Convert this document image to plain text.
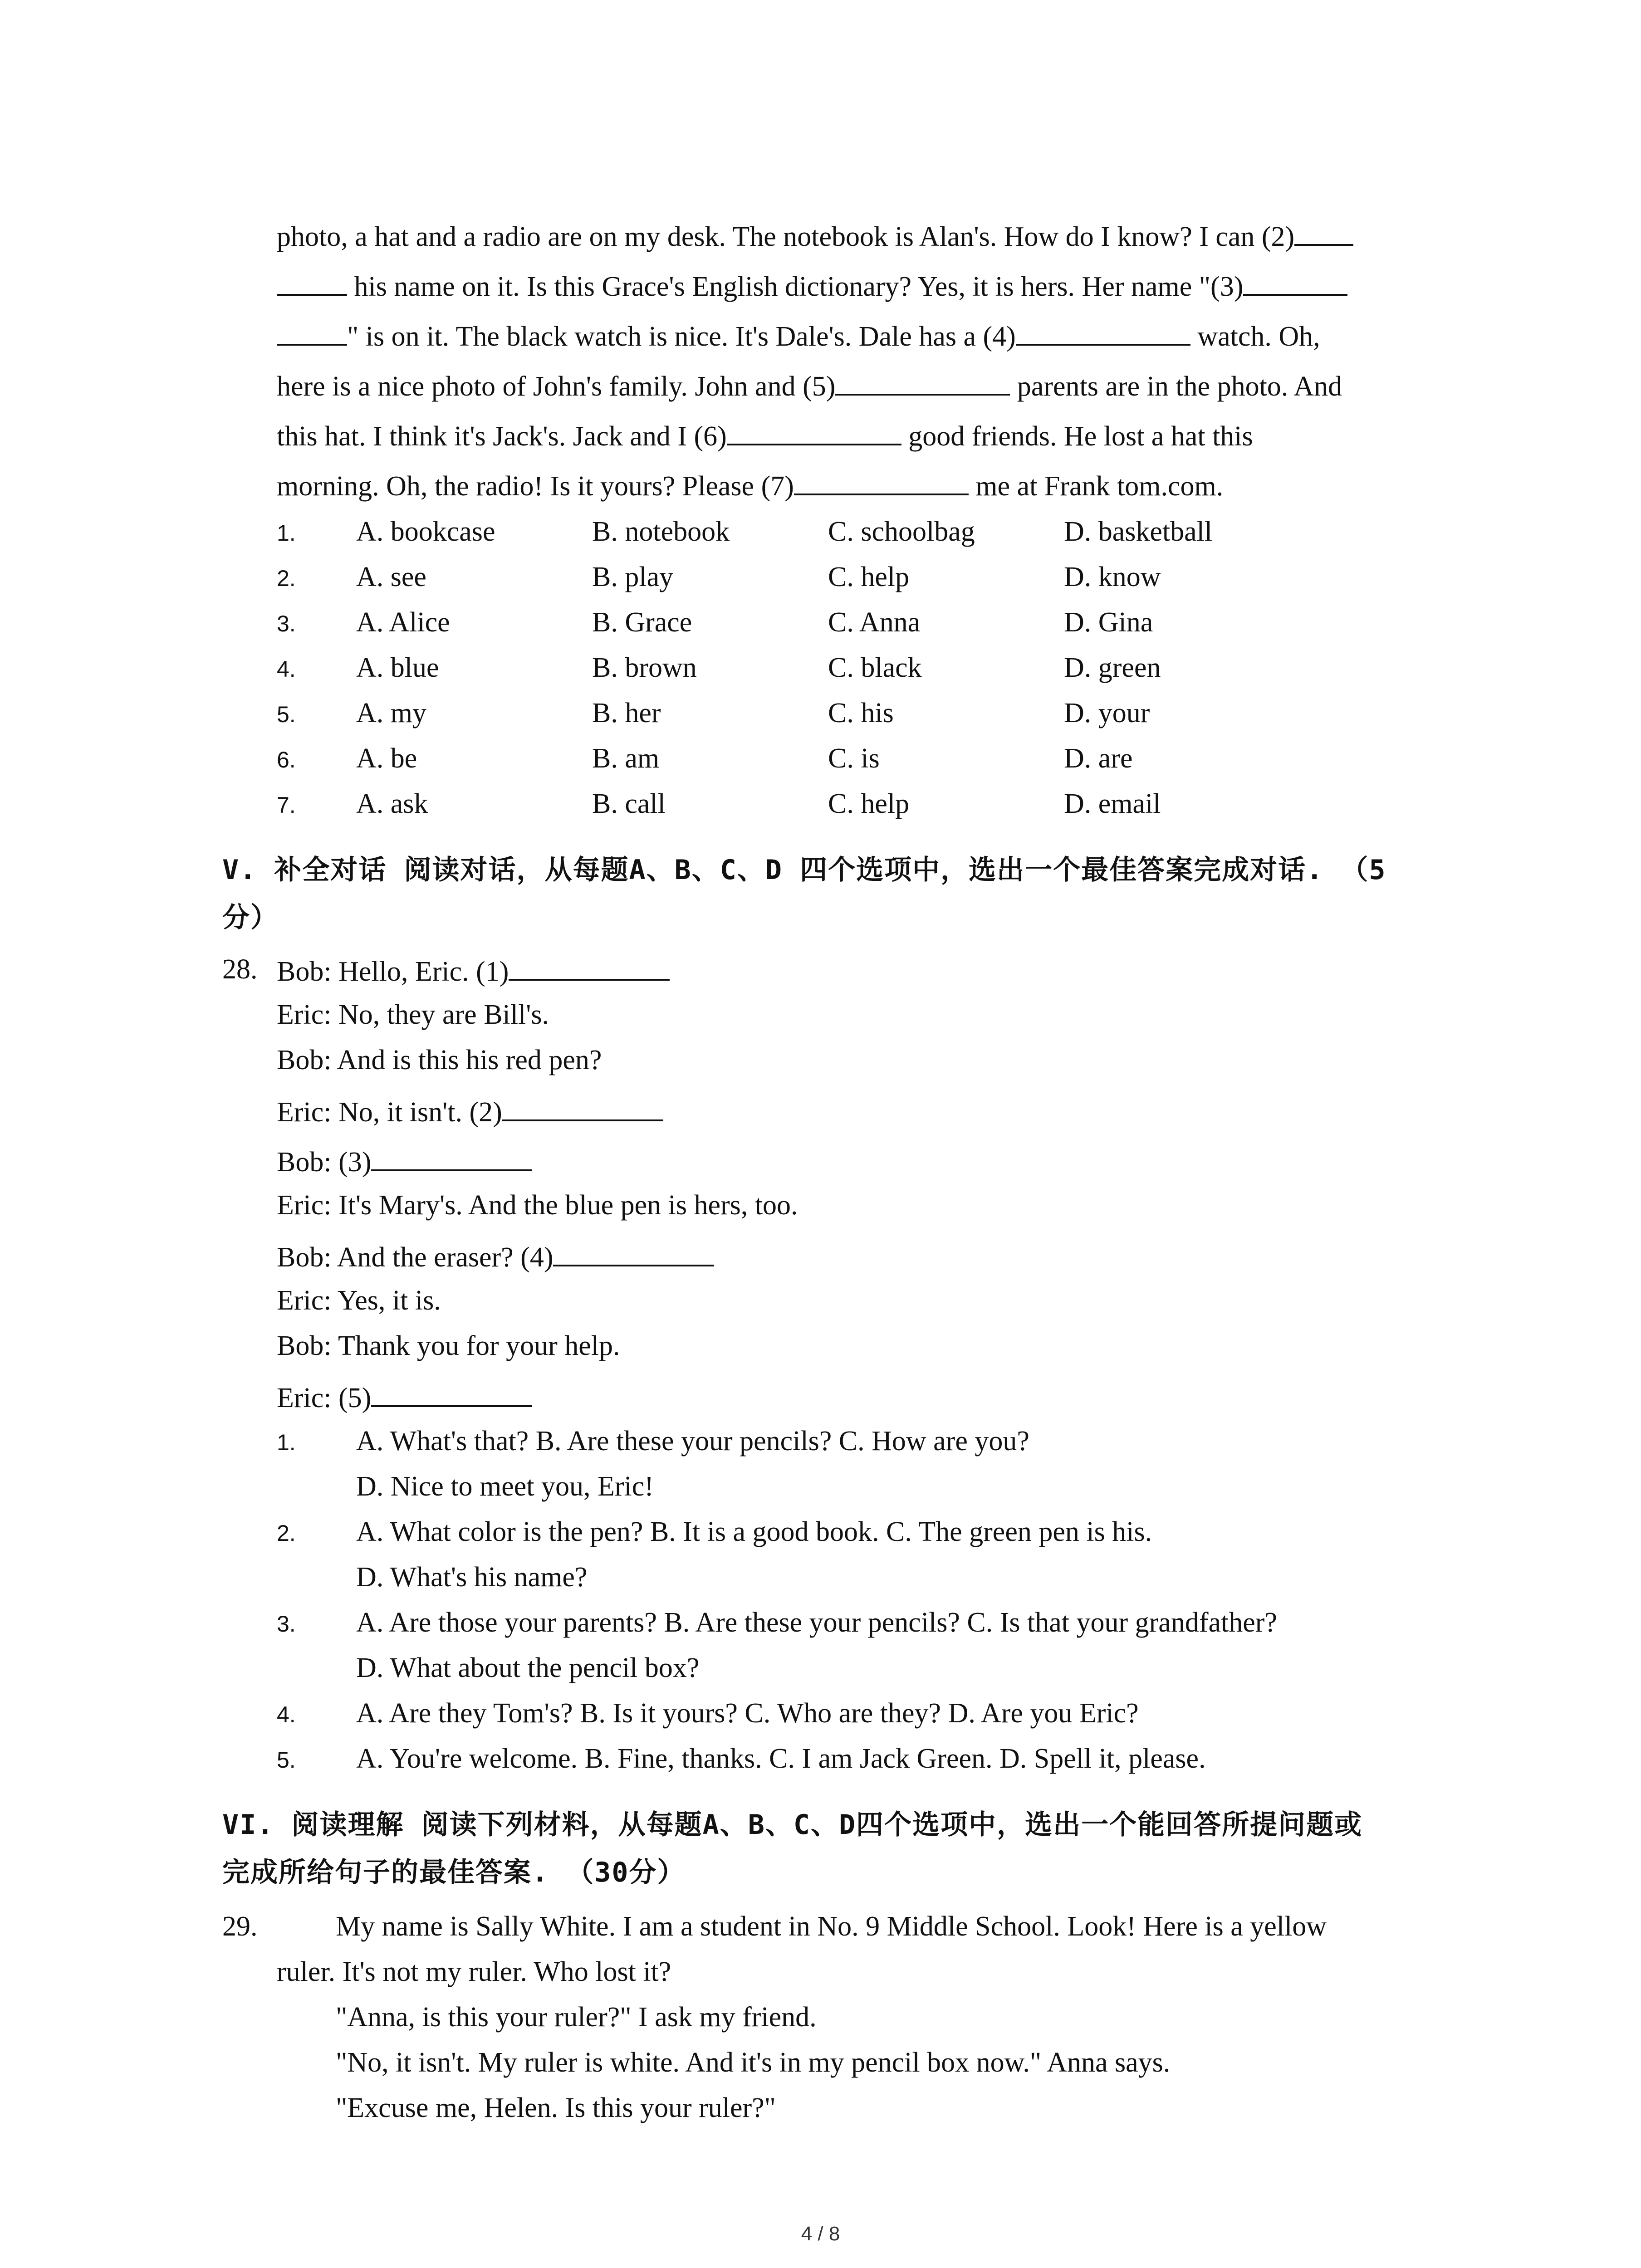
photo, a hat and a radio are on my desk. The notebook is Alan's. How do I know? I can (2)
his name on it. Is this Grace's English dictionary? Yes, it is hers. Her name "(3)
" is on it. The black watch is nice. It's Dale's. Dale has a (4)	watch. Oh,
here is a nice photo of John's family. John and (5)	parents are in the photo. And
this hat. I think it's Jack's. Jack and I (6)	good friends. He lost a hat this
morning. Oh, the radio! Is it yours? Please (7)	me at Frank tom.com.
1. A. bookcase	B. notebook	C. schoolbag	D. basketball
2. A. see	B. play	C. help	D. know
3. A. Alice	B. Grace	C. Anna	D. Gina
4. A. blue	B. brown	C. black	D. green
5. A. my	B. her	C. his	D. your
6. A. be	B. am	C. is	D. are
7. A. ask	B. call	C. help	D. email
V. 补全对话 阅读对话，从每题A、B、C、D 四个选项中，选出一个最佳答案完成对话. （5
分）
28. Bob: Hello, Eric. (1)
Eric: No, they are Bill's.
Bob: And is this his red pen?
Eric: No, it isn't. (2)
Bob: (3)
Eric: It's Mary's. And the blue pen is hers, too.
Bob: And the eraser? (4)
Eric: Yes, it is.
Bob: Thank you for your help.
Eric: (5)
1. A. What's that? B. Are these your pencils? C. How are you?
D. Nice to meet you, Eric!
2. A. What color is the pen? B. It is a good book. C. The green pen is his.
D. What's his name?
3. A. Are those your parents? B. Are these your pencils? C. Is that your grandfather?
D. What about the pencil box?
4. A. Are they Tom's? B. Is it yours? C. Who are they? D. Are you Eric?
5. A. You're welcome. B. Fine, thanks. C. I am Jack Green. D. Spell it, please.
VI. 阅读理解 阅读下列材料，从每题A、B、C、D四个选项中，选出一个能回答所提问题或
完成所给句子的最佳答案. （30分）
29.	My name is Sally White. I am a student in No. 9 Middle School. Look! Here is a yellow
ruler. It's not my ruler. Who lost it?
"Anna, is this your ruler?" I ask my friend.
"No, it isn't. My ruler is white. And it's in my pencil box now." Anna says.
"Excuse me, Helen. Is this your ruler?"
4 / 8
